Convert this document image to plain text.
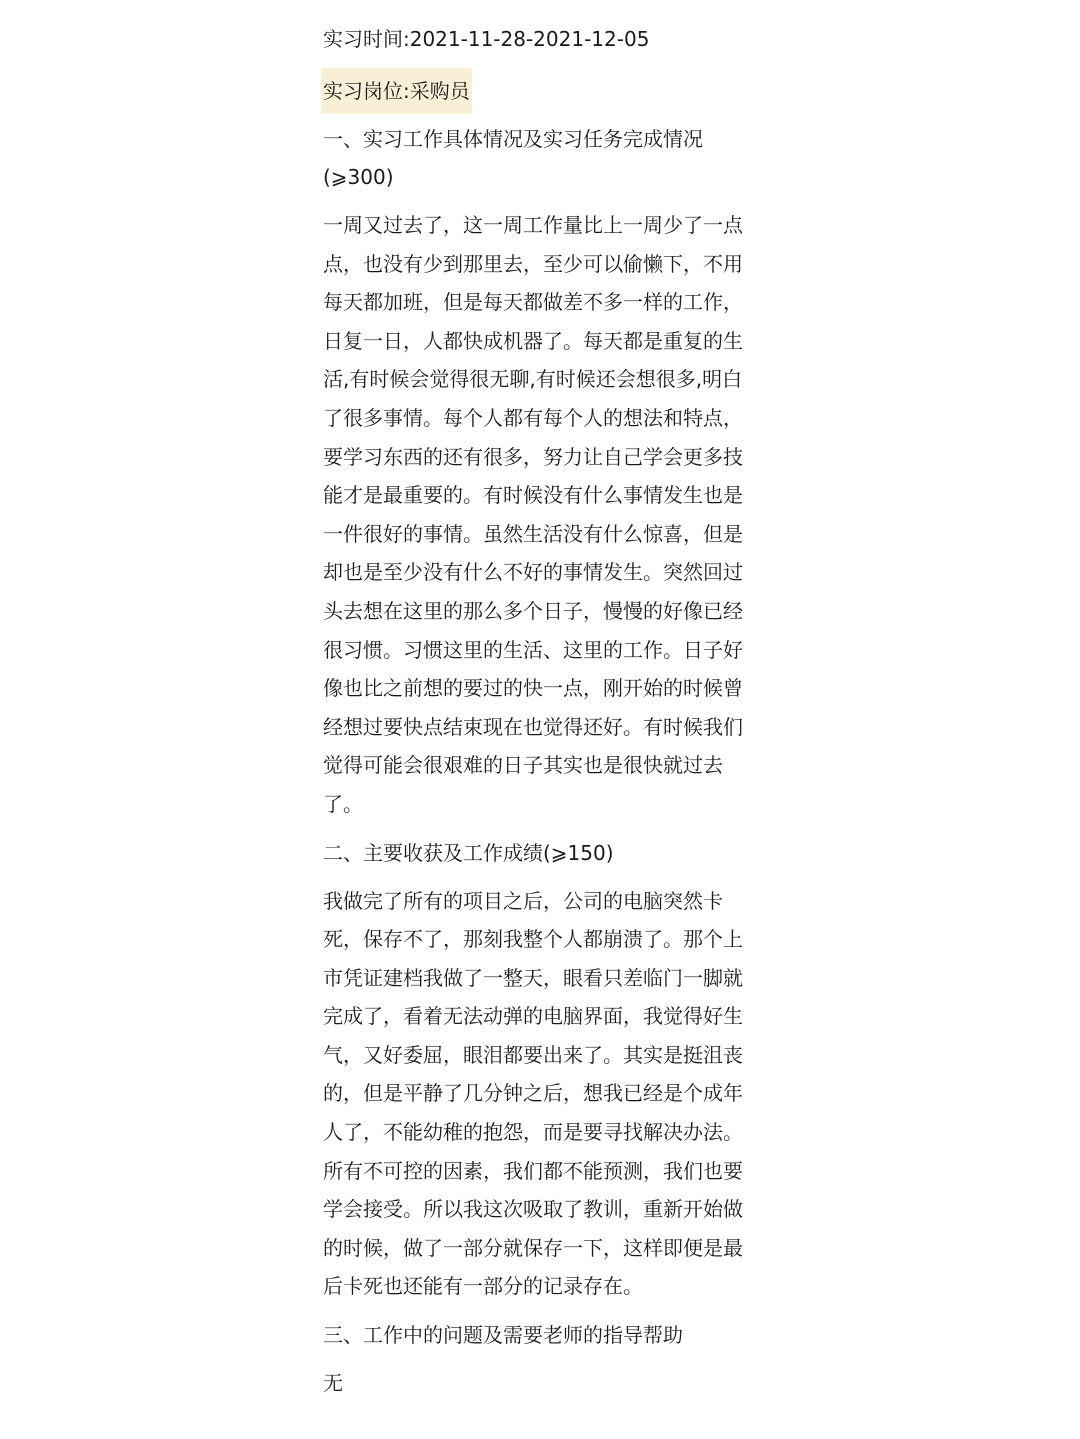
实习时间:2021-11-28-2021-12-05

实习岗位:采购员

一、实习工作具体情况及实习任务完成情况

(⩾300)

一周又过去了，这一周工作量比上一周少了一点

点，也没有少到那里去，至少可以偷懒下，不用

每天都加班，但是每天都做差不多一样的工作，

日复一日，人都快成机器了。每天都是重复的生

活,有时候会觉得很无聊,有时候还会想很多,明白

了很多事情。每个人都有每个人的想法和特点，

要学习东西的还有很多，努力让自己学会更多技

能才是最重要的。有时候没有什么事情发生也是

一件很好的事情。虽然生活没有什么惊喜，但是

却也是至少没有什么不好的事情发生。突然回过

头去想在这里的那么多个日子，慢慢的好像已经

很习惯。习惯这里的生活、这里的工作。日子好

像也比之前想的要过的快一点，刚开始的时候曾

经想过要快点结束现在也觉得还好。有时候我们

觉得可能会很艰难的日子其实也是很快就过去

了。

二、主要收获及工作成绩(⩾150)

我做完了所有的项目之后，公司的电脑突然卡

死，保存不了，那刻我整个人都崩溃了。那个上

市凭证建档我做了一整天，眼看只差临门一脚就

完成了，看着无法动弹的电脑界面，我觉得好生

气，又好委屈，眼泪都要出来了。其实是挺沮丧

的，但是平静了几分钟之后，想我已经是个成年

人了，不能幼稚的抱怨，而是要寻找解决办法。

所有不可控的因素，我们都不能预测，我们也要

学会接受。所以我这次吸取了教训，重新开始做

的时候，做了一部分就保存一下，这样即便是最

后卡死也还能有一部分的记录存在。

三、工作中的问题及需要老师的指导帮助

无
